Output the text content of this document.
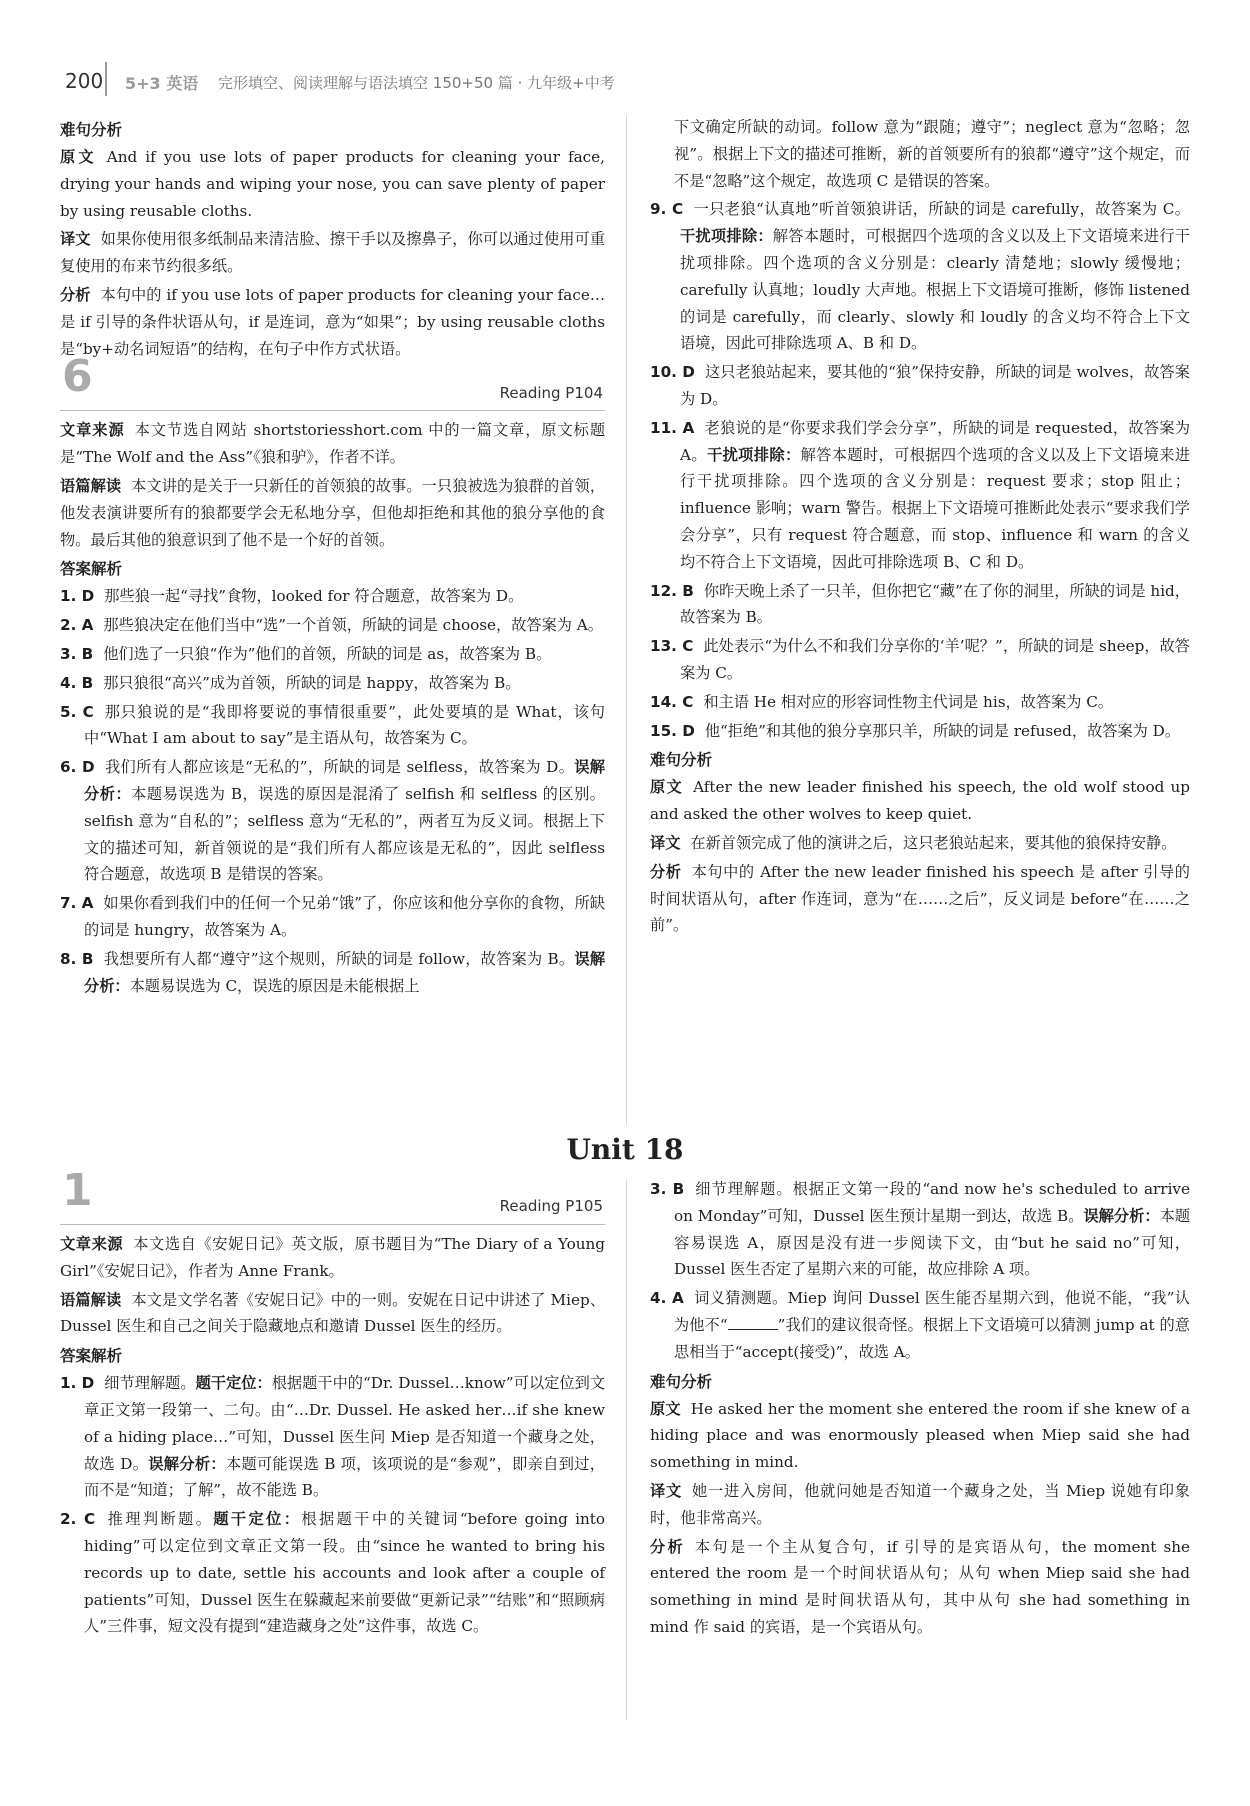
200 5+3 英语 完形填空、阅读理解与语法填空 150+50 篇 · 九年级+中考
难句分析

原文 And if you use lots of paper products for cleaning your face, drying your hands and wiping your nose, you can save plenty of paper by using reusable cloths.

译文 如果你使用很多纸制品来清洁脸、擦干手以及擦鼻子，你可以通过使用可重复使用的布来节约很多纸。

分析 本句中的 if you use lots of paper products for cleaning your face…是 if 引导的条件状语从句，if 是连词，意为“如果”；by using reusable cloths 是“by+动名词短语”的结构，在句子中作方式状语。

6	Reading P104

文章来源 本文节选自网站 shortstoriesshort.com 中的一篇文章，原文标题是“The Wolf and the Ass”《狼和驴》，作者不详。

语篇解读 本文讲的是关于一只新任的首领狼的故事。一只狼被选为狼群的首领，他发表演讲要所有的狼都要学会无私地分享，但他却拒绝和其他的狼分享他的食物。最后其他的狼意识到了他不是一个好的首领。

答案解析

1. D 那些狼一起“寻找”食物，looked for 符合题意，故答案为 D。

2. A 那些狼决定在他们当中“选”一个首领，所缺的词是 choose，故答案为 A。

3. B 他们选了一只狼“作为”他们的首领，所缺的词是 as，故答案为 B。

4. B 那只狼很“高兴”成为首领，所缺的词是 happy，故答案为 B。

5. C 那只狼说的是“我即将要说的事情很重要”，此处要填的是 What，该句中“What I am about to say”是主语从句，故答案为 C。

6. D 我们所有人都应该是“无私的”，所缺的词是 selfless，故答案为 D。误解分析：本题易误选为 B，误选的原因是混淆了 selfish 和 selfless 的区别。selfish 意为“自私的”；selfless 意为“无私的”，两者互为反义词。根据上下文的描述可知，新首领说的是“我们所有人都应该是无私的”，因此 selfless 符合题意，故选项 B 是错误的答案。

7. A 如果你看到我们中的任何一个兄弟“饿”了，你应该和他分享你的食物，所缺的词是 hungry，故答案为 A。

8. B 我想要所有人都“遵守”这个规则，所缺的词是 follow，故答案为 B。误解分析：本题易误选为 C，误选的原因是未能根据上

下文确定所缺的动词。follow 意为“跟随；遵守”；neglect 意为“忽略；忽视”。根据上下文的描述可推断，新的首领要所有的狼都“遵守”这个规定，而不是“忽略”这个规定，故选项 C 是错误的答案。

9. C 一只老狼“认真地”听首领狼讲话，所缺的词是 carefully，故答案为 C。干扰项排除：解答本题时，可根据四个选项的含义以及上下文语境来进行干扰项排除。四个选项的含义分别是：clearly 清楚地；slowly 缓慢地；carefully 认真地；loudly 大声地。根据上下文语境可推断，修饰 listened 的词是 carefully，而 clearly、slowly 和 loudly 的含义均不符合上下文语境，因此可排除选项 A、B 和 D。

10. D 这只老狼站起来，要其他的“狼”保持安静，所缺的词是 wolves，故答案为 D。

11. A 老狼说的是“你要求我们学会分享”，所缺的词是 requested，故答案为 A。干扰项排除：解答本题时，可根据四个选项的含义以及上下文语境来进行干扰项排除。四个选项的含义分别是：request 要求；stop 阻止；influence 影响；warn 警告。根据上下文语境可推断此处表示“要求我们学会分享”，只有 request 符合题意，而 stop、influence 和 warn 的含义均不符合上下文语境，因此可排除选项 B、C 和 D。

12. B 你昨天晚上杀了一只羊，但你把它“藏”在了你的洞里，所缺的词是 hid，故答案为 B。

13. C 此处表示“为什么不和我们分享你的‘羊’呢？”，所缺的词是 sheep，故答案为 C。

14. C 和主语 He 相对应的形容词性物主代词是 his，故答案为 C。

15. D 他“拒绝”和其他的狼分享那只羊，所缺的词是 refused，故答案为 D。

难句分析

原文 After the new leader finished his speech, the old wolf stood up and asked the other wolves to keep quiet.

译文 在新首领完成了他的演讲之后，这只老狼站起来，要其他的狼保持安静。

分析 本句中的 After the new leader finished his speech 是 after 引导的时间状语从句，after 作连词，意为“在……之后”，反义词是 before“在……之前”。

Unit 18
1	Reading P105

文章来源 本文选自《安妮日记》英文版，原书题目为“The Diary of a Young Girl”《安妮日记》，作者为 Anne Frank。

语篇解读 本文是文学名著《安妮日记》中的一则。安妮在日记中讲述了 Miep、Dussel 医生和自己之间关于隐藏地点和邀请 Dussel 医生的经历。

答案解析

1. D 细节理解题。题干定位：根据题干中的“Dr. Dussel…know”可以定位到文章正文第一段第一、二句。由“…Dr. Dussel. He asked her…if she knew of a hiding place…”可知，Dussel 医生问 Miep 是否知道一个藏身之处，故选 D。误解分析：本题可能误选 B 项，该项说的是“参观”，即亲自到过，而不是“知道；了解”，故不能选 B。

2. C 推理判断题。题干定位：根据题干中的关键词“before going into hiding”可以定位到文章正文第一段。由“since he wanted to bring his records up to date, settle his accounts and look after a couple of patients”可知，Dussel 医生在躲藏起来前要做“更新记录”“结账”和“照顾病人”三件事，短文没有提到“建造藏身之处”这件事，故选 C。

3. B 细节理解题。根据正文第一段的“and now he's scheduled to arrive on Monday”可知，Dussel 医生预计星期一到达，故选 B。误解分析：本题容易误选 A，原因是没有进一步阅读下文，由“but he said no”可知，Dussel 医生否定了星期六来的可能，故应排除 A 项。

4. A 词义猜测题。Miep 询问 Dussel 医生能否星期六到，他说不能，“我”认为他不“	”我们的建议很奇怪。根据上下文语境可以猜测 jump at 的意思相当于“accept(接受)”，故选 A。

难句分析

原文 He asked her the moment she entered the room if she knew of a hiding place and was enormously pleased when Miep said she had something in mind.

译文 她一进入房间，他就问她是否知道一个藏身之处，当 Miep 说她有印象时，他非常高兴。

分析 本句是一个主从复合句，if 引导的是宾语从句，the moment she entered the room 是一个时间状语从句；从句 when Miep said she had something in mind 是时间状语从句，其中从句 she had something in mind 作 said 的宾语，是一个宾语从句。
